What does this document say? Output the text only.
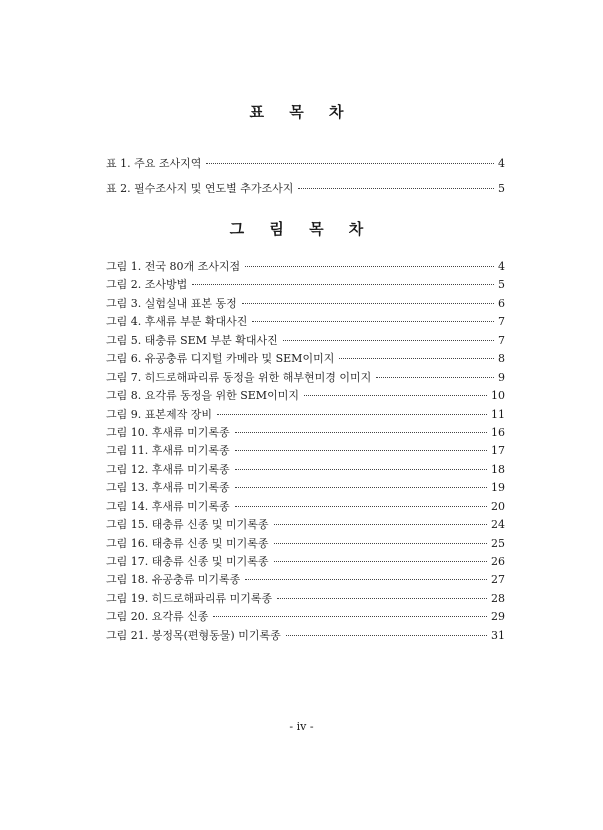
표 목 차
표 1. 주요 조사지역	4
표 2. 필수조사지 및 연도별 추가조사지	5
그 림 목 차
그림 1. 전국 80개 조사지점	4
그림 2. 조사방법	5
그림 3. 실험실내 표본 동정	6
그림 4. 후새류 부분 확대사진	7
그림 5. 태충류 SEM 부분 확대사진	7
그림 6. 유공충류 디지털 카메라 및 SEM이미지	8
그림 7. 히드로해파리류 동정을 위한 해부현미경 이미지	9
그림 8. 요각류 동정을 위한 SEM이미지	10
그림 9. 표본제작 장비	11
그림 10. 후새류 미기록종	16
그림 11. 후새류 미기록종	17
그림 12. 후새류 미기록종	18
그림 13. 후새류 미기록종	19
그림 14. 후새류 미기록종	20
그림 15. 태충류 신종 및 미기록종	24
그림 16. 태충류 신종 및 미기록종	25
그림 17. 태충류 신종 및 미기록종	26
그림 18. 유공충류 미기록종	27
그림 19. 히드로해파리류 미기록종	28
그림 20. 요각류 신종	29
그림 21. 봉정목(편형동물) 미기록종	31
- iv -
